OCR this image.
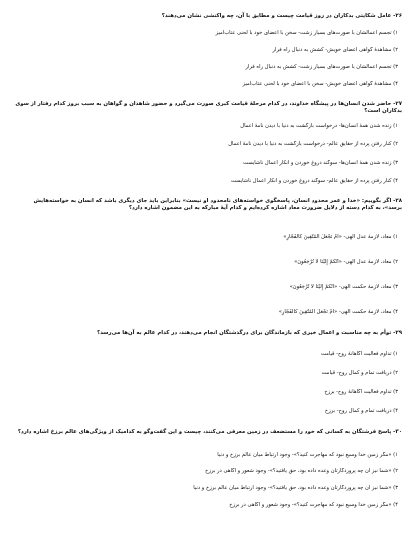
۲۶- عامل شکایتی بدکاران در روز قیامت چیست و مطابق با آن، چه واکنشی نشان می‌دهند؟
۱) تجسم اعمالشان با صورت‌های بسیار زشت- سخن با اعضای خود با لحنی عتاب‌آمیز
۲) مشاهدهٔ گواهی اعضای خویش- کشش به دنبال راه فرار
۳) تجسم اعمالشان با صورت‌های بسیار زشت- کشش به دنبال راه فرار
۴) مشاهدهٔ گواهی اعضای خویش- سخن با اعضای خود با لحنی عتاب‌آمیز
۲۷- حاضر شدن انسان‌ها در پیشگاه خداوند، در کدام مرحلهٔ قیامت کبری صورت می‌گیرد و حضور شاهدان و گواهان به سبب بروز کدام رفتار از سوی بدکاران است؟
۱) زنده شدن همهٔ انسان‌ها- درخواست بازگشت به دنیا با دیدن نامهٔ اعمال
۲) کنار رفتن پرده از حقایق عالم- درخواست بازگشت به دنیا با دیدن نامهٔ اعمال
۳) زنده شدن همهٔ انسان‌ها- سوگند دروغ خوردن و انکار اعمال ناشایست
۴) کنار رفتن پرده از حقایق عالم- سوگند دروغ خوردن و انکار اعمال ناشایست
۲۸- اگر بگوییم: «خدا و عمر محدود انسان، پاسخگوی خواسته‌های نامحدود او نیست» بنابراین باید جای دیگری باشد که انسان به خواسته‌هایش برسد»، به کدام دسته از دلایل ضرورت معاد اشاره کرده‌ایم و کدام آیهٔ مبارکه به این مضمون اشاره دارد؟
۱) معاد، لازمهٔ عدل الهی- «أَمْ نَجْعَلُ الْمُتَّقِينَ كَالْفُجَّارِ»
۲) معاد، لازمهٔ عدل الهی- «أَنَّكُمْ إِلَيْنَا لَا تُرْجَعُونَ»
۳) معاد، لازمهٔ حکمت الهی- «أَنَّكُمْ إِلَيْنَا لَا تُرْجَعُونَ»
۴) معاد، لازمهٔ حکمت الهی- «أَمْ نَجْعَلُ الْمُتَّقِينَ كَالْفُجَّارِ»
۲۹- توأم به چه مناسبت و اعمال خیری که بازماندگان برای درگذشتگان انجام می‌دهند، در کدام عالم به آن‌ها می‌رسد؟
۱) تداوم فعالیت آگاهانهٔ روح- قیامت
۲) دریافت تمام و کمال روح- قیامت
۳) تداوم فعالیت آگاهانهٔ روح- برزخ
۴) دریافت تمام و کمال روح- برزخ
۳۰- پاسخ فرشتگان به کسانی که خود را مستضعف در زمین معرفی می‌کنند، چیست و این گفت‌وگو به کدامیک از ویژگی‌های عالم برزخ اشاره دارد؟
۱) «مگر زمین خدا وسیع نبود که مهاجرت کنید؟»- وجود ارتباط میان عالم برزخ و دنیا
۲) «شما نیز آن چه پروردگارتان وعده داده بود، حق یافتید؟»- وجود شعور و آگاهی در برزخ
۳) «شما نیز آن چه پروردگارتان وعده داده بود، حق یافتید؟»- وجود ارتباط میان عالم برزخ و دنیا
۴) «مگر زمین خدا وسیع نبود که مهاجرت کنید؟»- وجود شعور و آگاهی در برزخ
